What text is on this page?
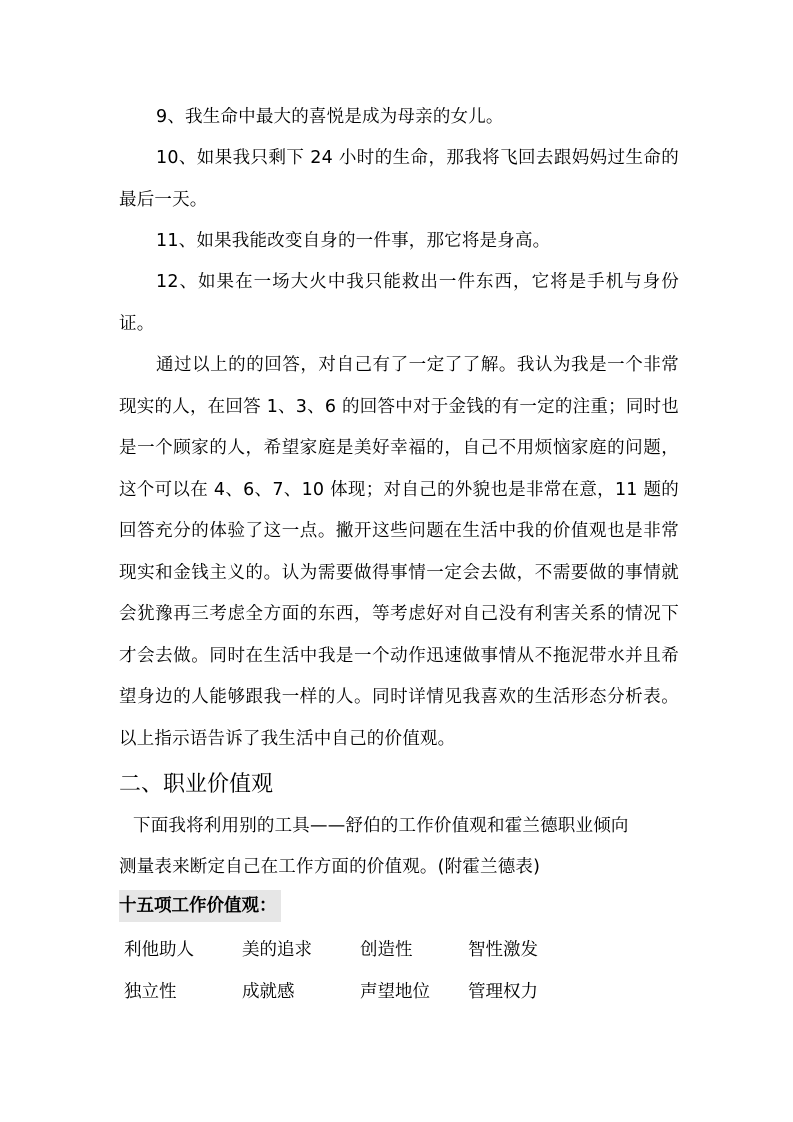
9、我生命中最大的喜悦是成为母亲的女儿。

10、如果我只剩下 24 小时的生命，那我将飞回去跟妈妈过生命的最后一天。

11、如果我能改变自身的一件事，那它将是身高。

12、如果在一场大火中我只能救出一件东西，它将是手机与身份证。

通过以上的的回答，对自己有了一定了了解。我认为我是一个非常现实的人，在回答 1、3、6 的回答中对于金钱的有一定的注重；同时也是一个顾家的人，希望家庭是美好幸福的，自己不用烦恼家庭的问题，这个可以在 4、6、7、10 体现；对自己的外貌也是非常在意，11 题的回答充分的体验了这一点。撇开这些问题在生活中我的价值观也是非常现实和金钱主义的。认为需要做得事情一定会去做，不需要做的事情就会犹豫再三考虑全方面的东西，等考虑好对自己没有利害关系的情况下才会去做。同时在生活中我是一个动作迅速做事情从不拖泥带水并且希望身边的人能够跟我一样的人。同时详情见我喜欢的生活形态分析表。以上指示语告诉了我生活中自己的价值观。

二、职业价值观

下面我将利用别的工具——舒伯的工作价值观和霍兰德职业倾向
测量表来断定自己在工作方面的价值观。(附霍兰德表)

十五项工作价值观：
利他助人	美的追求	创造性	智性激发
独立性	成就感	声望地位	管理权力
